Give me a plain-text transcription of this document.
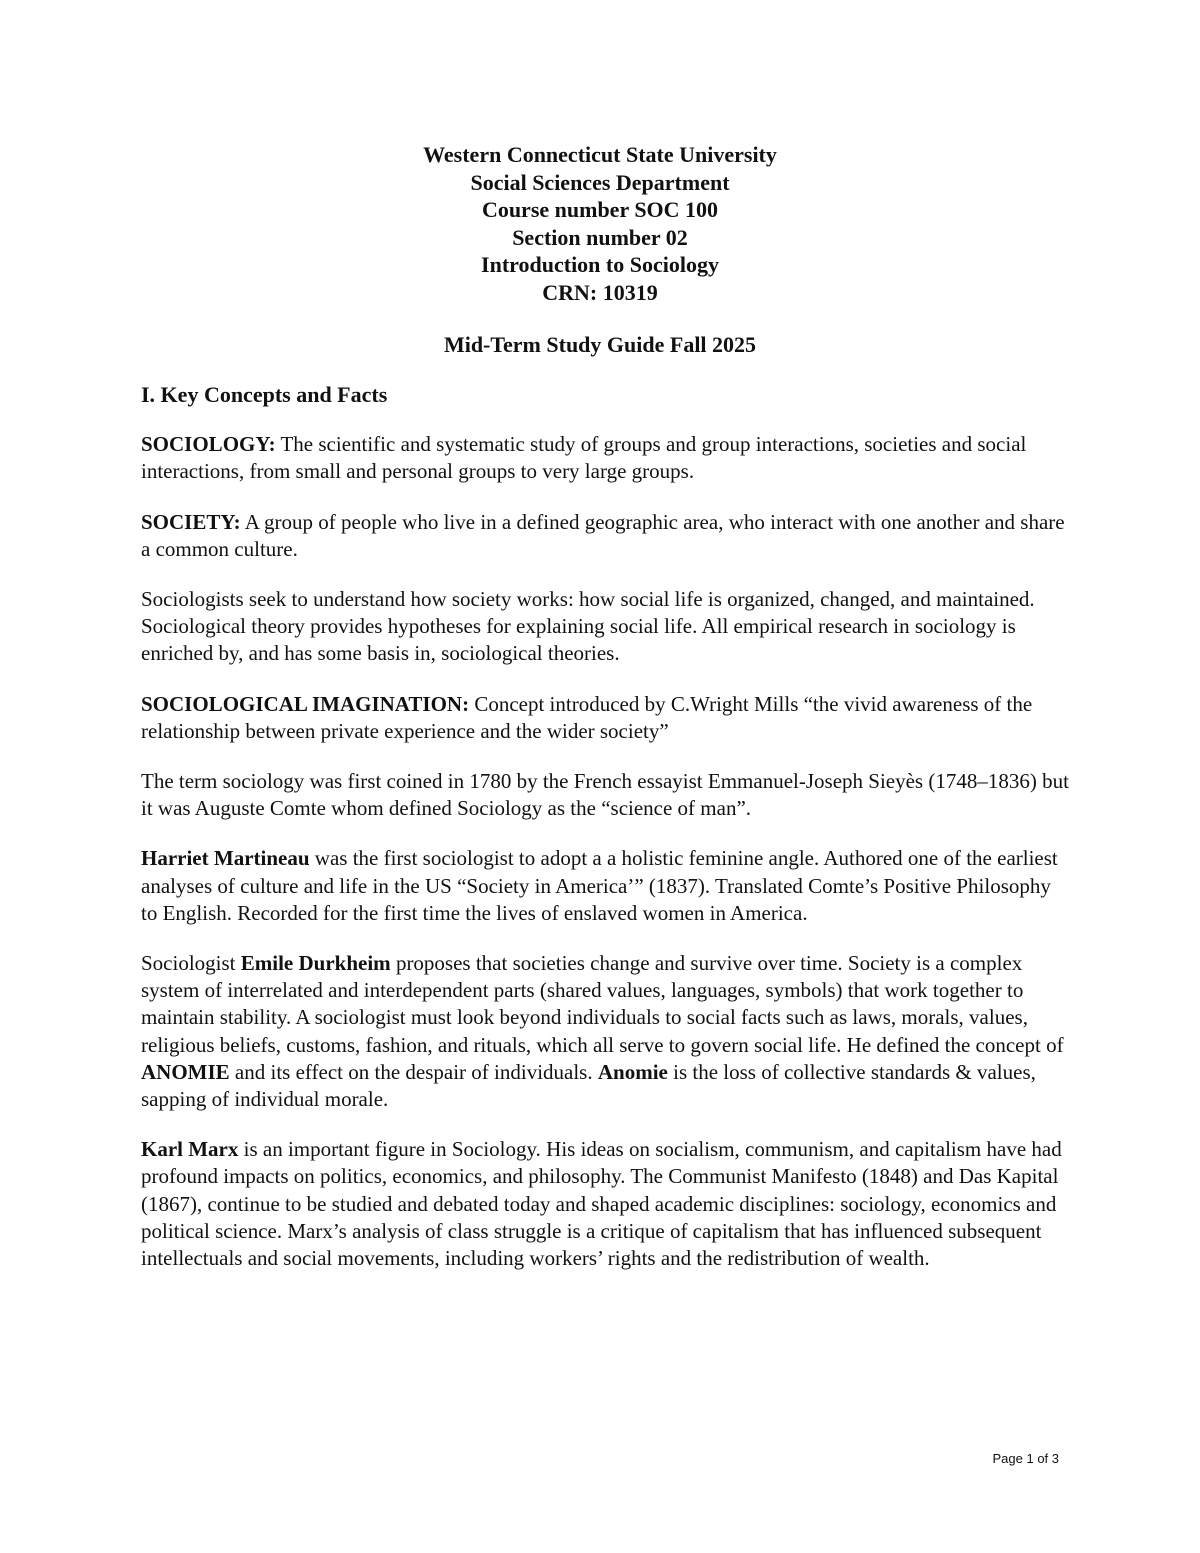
Western Connecticut State University
Social Sciences Department
Course number SOC 100
Section number 02
Introduction to Sociology
CRN: 10319
Mid-Term Study Guide Fall 2025
I. Key Concepts and Facts

SOCIOLOGY: The scientific and systematic study of groups and group interactions, societies and social interactions, from small and personal groups to very large groups.

SOCIETY: A group of people who live in a defined geographic area, who interact with one another and share a common culture.

Sociologists seek to understand how society works: how social life is organized, changed, and maintained. Sociological theory provides hypotheses for explaining social life. All empirical research in sociology is enriched by, and has some basis in, sociological theories.

SOCIOLOGICAL IMAGINATION: Concept introduced by C.Wright Mills “the vivid awareness of the relationship between private experience and the wider society”

The term sociology was first coined in 1780 by the French essayist Emmanuel-Joseph Sieyès (1748–1836) but it was Auguste Comte whom defined Sociology as the “science of man”.

Harriet Martineau was the first sociologist to adopt a a holistic feminine angle. Authored one of the earliest analyses of culture and life in the US “Society in America’” (1837). Translated Comte’s Positive Philosophy to English. Recorded for the first time the lives of enslaved women in America.

Sociologist Emile Durkheim proposes that societies change and survive over time. Society is a complex system of interrelated and interdependent parts (shared values, languages, symbols) that work together to maintain stability. A sociologist must look beyond individuals to social facts such as laws, morals, values, religious beliefs, customs, fashion, and rituals, which all serve to govern social life. He defined the concept of ANOMIE and its effect on the despair of individuals. Anomie is the loss of collective standards & values, sapping of individual morale.

Karl Marx is an important figure in Sociology. His ideas on socialism, communism, and capitalism have had profound impacts on politics, economics, and philosophy. The Communist Manifesto (1848) and Das Kapital (1867), continue to be studied and debated today and shaped academic disciplines: sociology, economics and political science. Marx’s analysis of class struggle is a critique of capitalism that has influenced subsequent intellectuals and social movements, including workers’ rights and the redistribution of wealth.

Page 1 of 3
